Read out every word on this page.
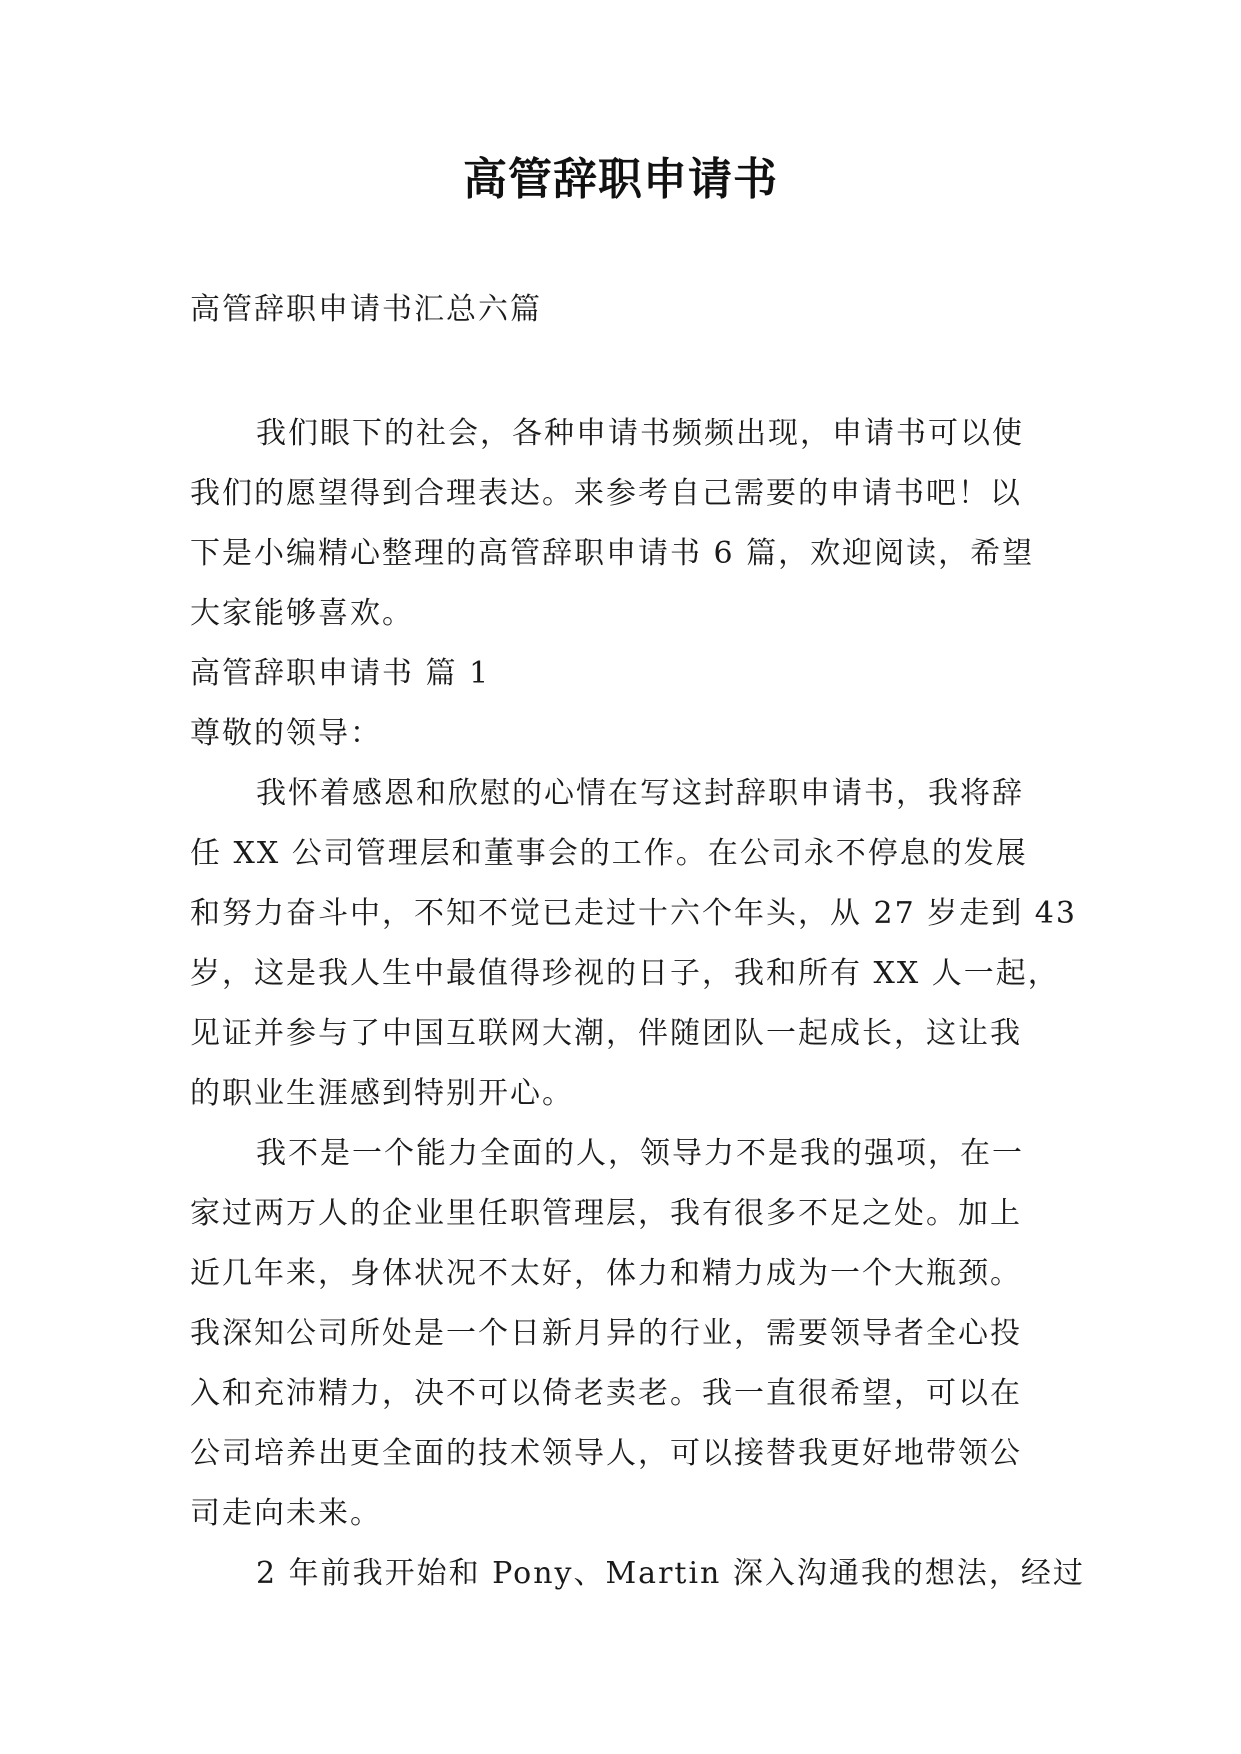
高管辞职申请书
高管辞职申请书汇总六篇
我们眼下的社会，各种申请书频频出现，申请书可以使
我们的愿望得到合理表达。来参考自己需要的申请书吧！以
下是小编精心整理的高管辞职申请书 6 篇，欢迎阅读，希望
大家能够喜欢。
高管辞职申请书 篇 1
尊敬的领导：
我怀着感恩和欣慰的心情在写这封辞职申请书，我将辞
任 XX 公司管理层和董事会的工作。在公司永不停息的发展
和努力奋斗中，不知不觉已走过十六个年头，从 27 岁走到 43
岁，这是我人生中最值得珍视的日子，我和所有 XX 人一起，
见证并参与了中国互联网大潮，伴随团队一起成长，这让我
的职业生涯感到特别开心。
我不是一个能力全面的人，领导力不是我的强项，在一
家过两万人的企业里任职管理层，我有很多不足之处。加上
近几年来，身体状况不太好，体力和精力成为一个大瓶颈。
我深知公司所处是一个日新月异的行业，需要领导者全心投
入和充沛精力，决不可以倚老卖老。我一直很希望，可以在
公司培养出更全面的技术领导人，可以接替我更好地带领公
司走向未来。
2 年前我开始和 Pony、Martin 深入沟通我的想法，经过
